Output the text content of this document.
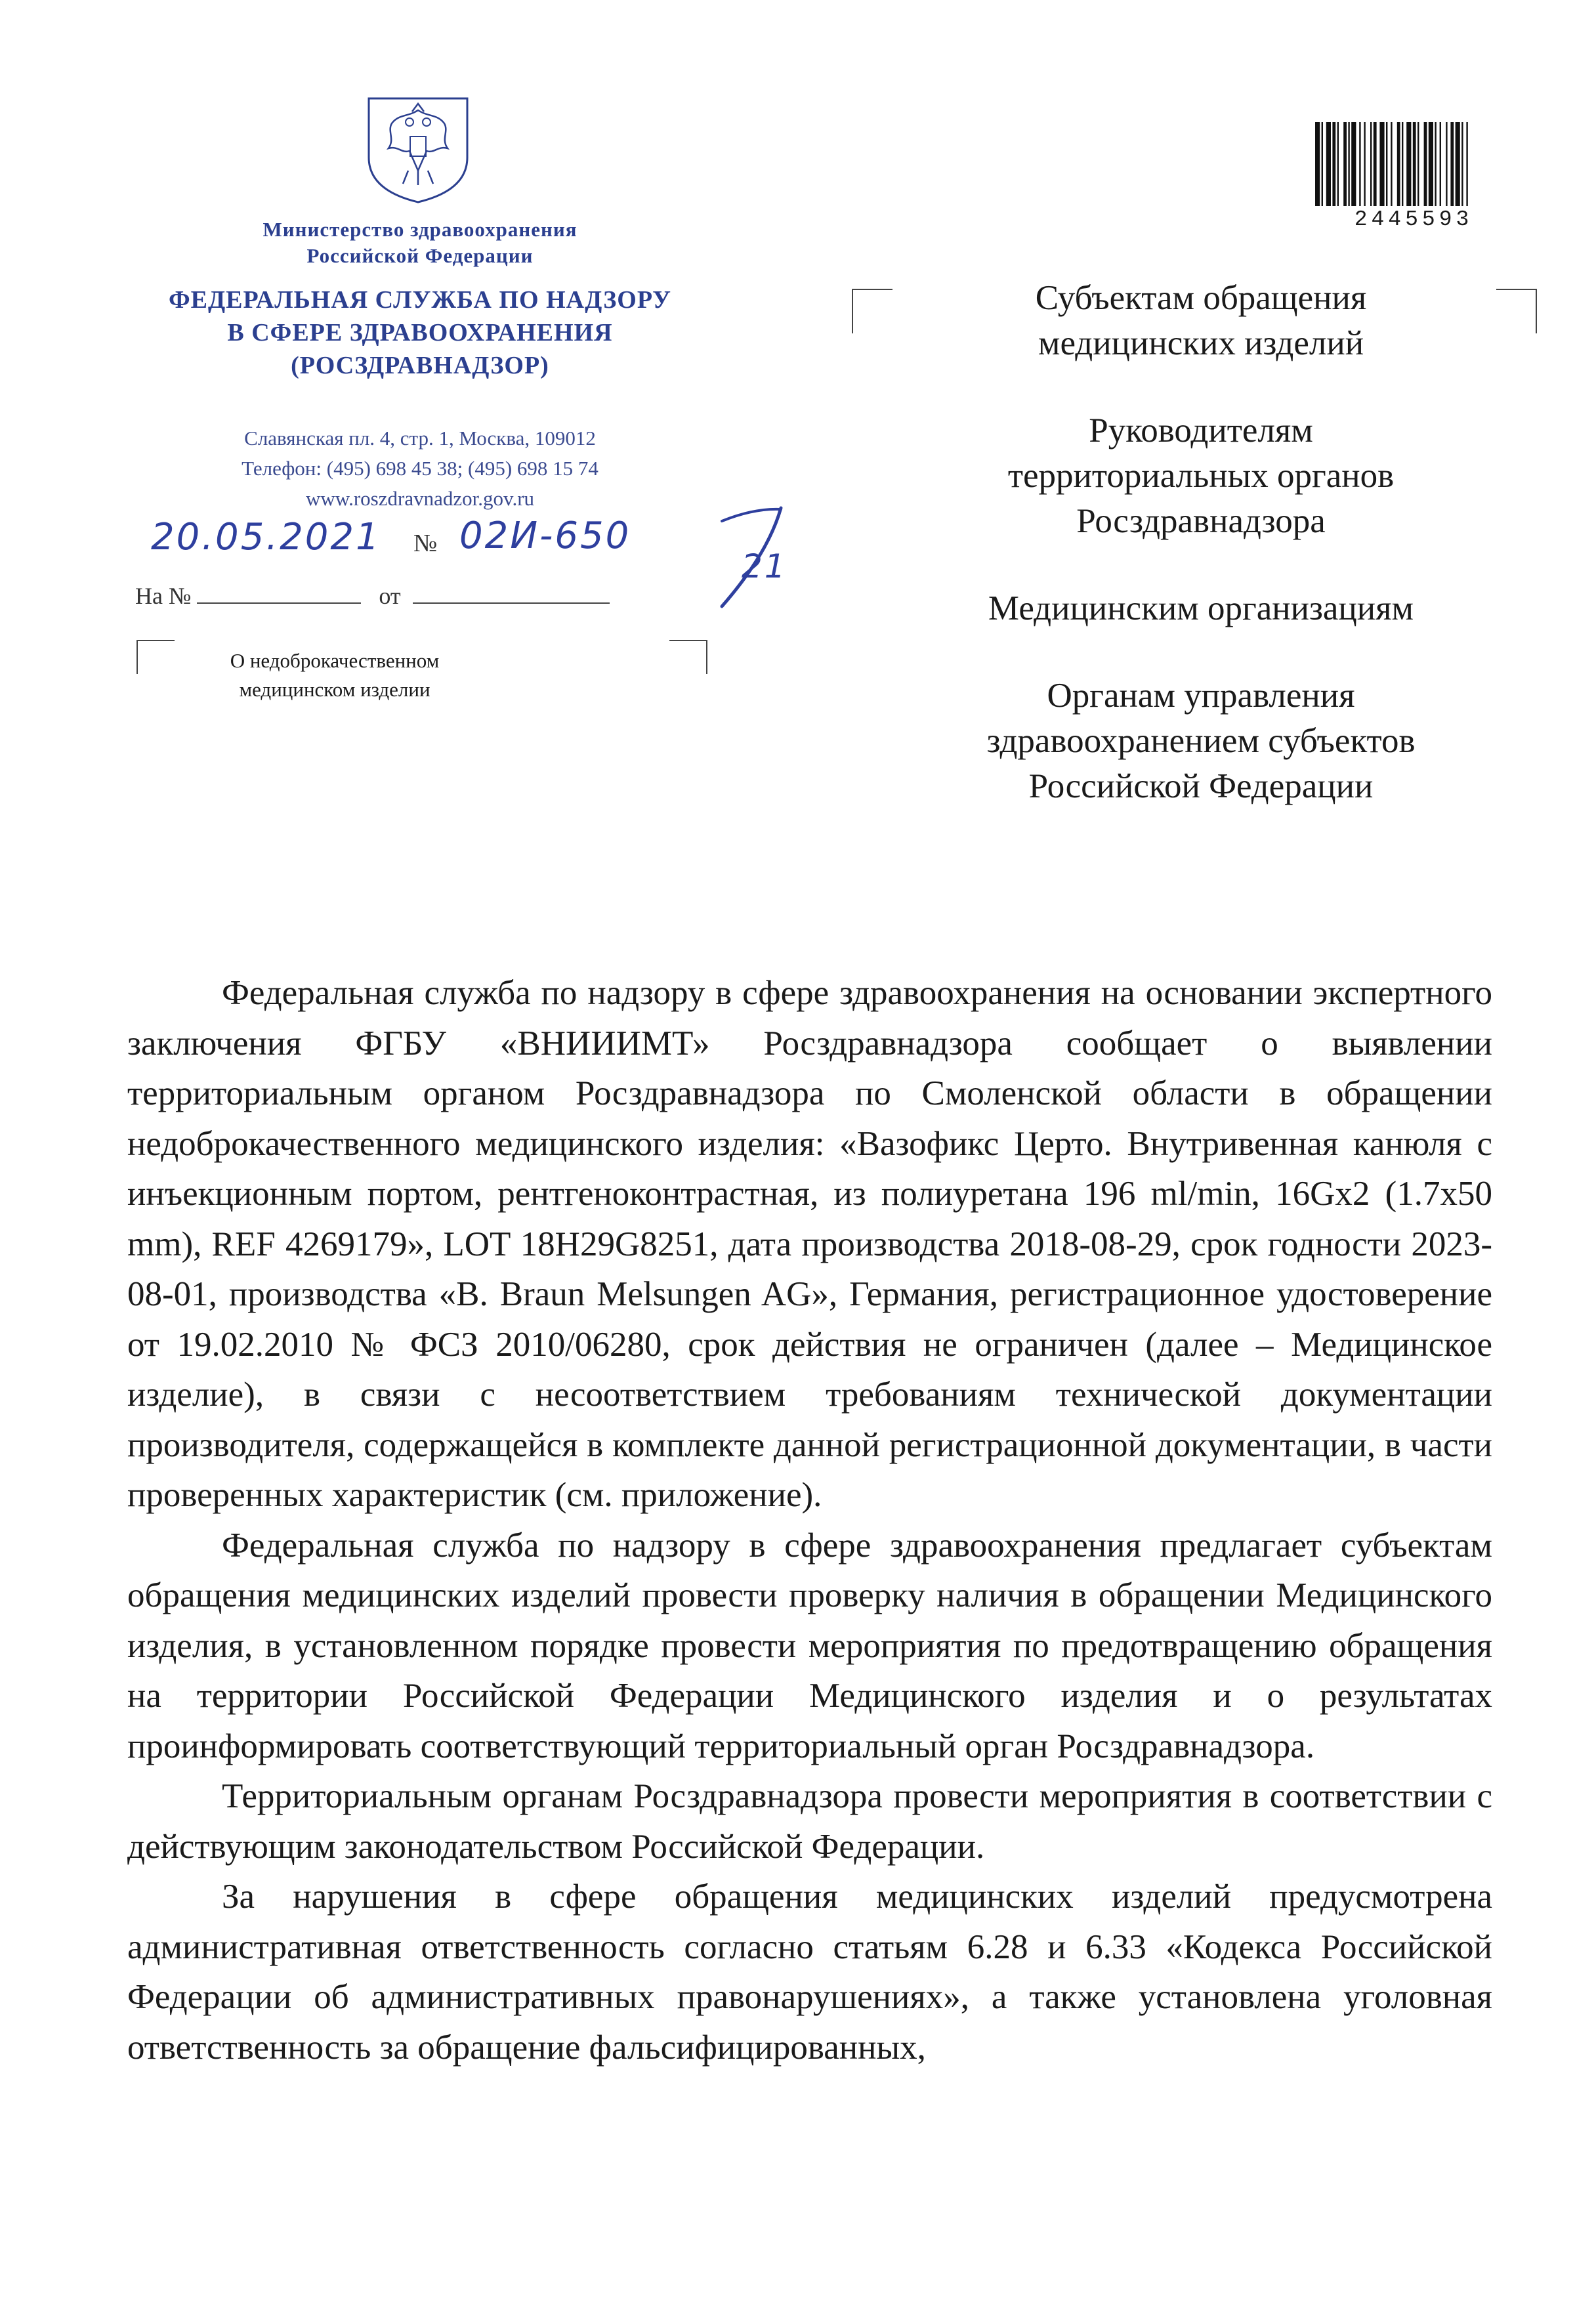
Министерство здравоохранения
Российской Федерации
ФЕДЕРАЛЬНАЯ СЛУЖБА ПО НАДЗОРУ
В СФЕРЕ ЗДРАВООХРАНЕНИЯ
(РОСЗДРАВНАДЗОР)
Славянская пл. 4, стр. 1, Москва, 109012
Телефон: (495) 698 45 38; (495) 698 15 74
www.roszdravnadzor.gov.ru
20.05.2021 № 02И-650
21
На №	от
О недоброкачественном
медицинском изделии
2445593

Субъектам обращения
медицинских изделий

Руководителям
территориальных органов
Росздравнадзора

Медицинским организациям

Органам управления
здравоохранением субъектов
Российской Федерации

Федеральная служба по надзору в сфере здравоохранения на основании экспертного заключения ФГБУ «ВНИИИМТ» Росздравнадзора сообщает о выявлении территориальным органом Росздравнадзора по Смоленской области в обращении недоброкачественного медицинского изделия: «Вазофикс Церто. Внутривенная канюля с инъекционным портом, рентгеноконтрастная, из полиуретана 196 ml/min, 16Gx2 (1.7x50 mm), REF 4269179», LOT 18H29G8251, дата производства 2018-08-29, срок годности 2023-08-01, производства «B. Braun Melsungen AG», Германия, регистрационное удостоверение от 19.02.2010 № ФСЗ 2010/06280, срок действия не ограничен (далее – Медицинское изделие), в связи с несоответствием требованиям технической документации производителя, содержащейся в комплекте данной регистрационной документации, в части проверенных характеристик (см. приложение).

Федеральная служба по надзору в сфере здравоохранения предлагает субъектам обращения медицинских изделий провести проверку наличия в обращении Медицинского изделия, в установленном порядке провести мероприятия по предотвращению обращения на территории Российской Федерации Медицинского изделия и о результатах проинформировать соответствующий территориальный орган Росздравнадзора.

Территориальным органам Росздравнадзора провести мероприятия в соответствии с действующим законодательством Российской Федерации.

За нарушения в сфере обращения медицинских изделий предусмотрена административная ответственность согласно статьям 6.28 и 6.33 «Кодекса Российской Федерации об административных правонарушениях», а также установлена уголовная ответственность за обращение фальсифицированных,
